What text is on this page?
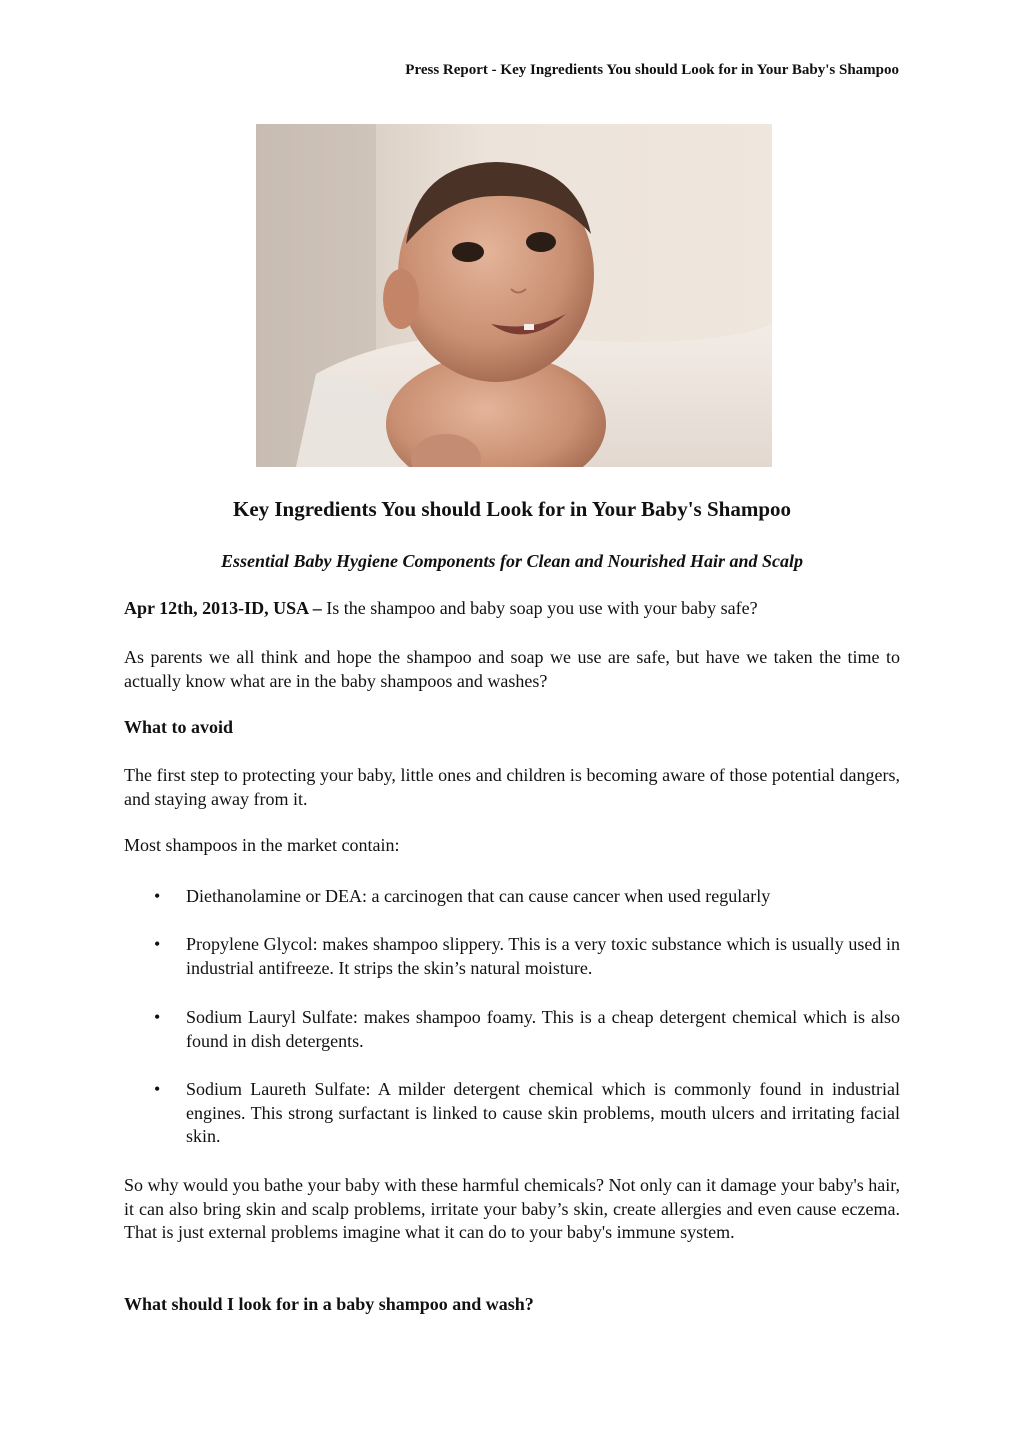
Press Report - Key Ingredients You should Look for in Your Baby's Shampoo
Key Ingredients You should Look for in Your Baby's Shampoo
Essential Baby Hygiene Components for Clean and Nourished Hair and Scalp
Apr 12th, 2013-ID, USA – Is the shampoo and baby soap you use with your baby safe?
As parents we all think and hope the shampoo and soap we use are safe, but have we taken the time to actually know what are in the baby shampoos and washes?
What to avoid
The first step to protecting your baby, little ones and children is becoming aware of those potential dangers, and staying away from it.
Most shampoos in the market contain:
• Diethanolamine or DEA: a carcinogen that can cause cancer when used regularly
• Propylene Glycol: makes shampoo slippery. This is a very toxic substance which is usually used in industrial antifreeze. It strips the skin’s natural moisture.
• Sodium Lauryl Sulfate: makes shampoo foamy. This is a cheap detergent chemical which is also found in dish detergents.
• Sodium Laureth Sulfate: A milder detergent chemical which is commonly found in industrial engines. This strong surfactant is linked to cause skin problems, mouth ulcers and irritating facial skin.
So why would you bathe your baby with these harmful chemicals? Not only can it damage your baby's hair, it can also bring skin and scalp problems, irritate your baby’s skin, create allergies and even cause eczema. That is just external problems imagine what it can do to your baby's immune system.
What should I look for in a baby shampoo and wash?
